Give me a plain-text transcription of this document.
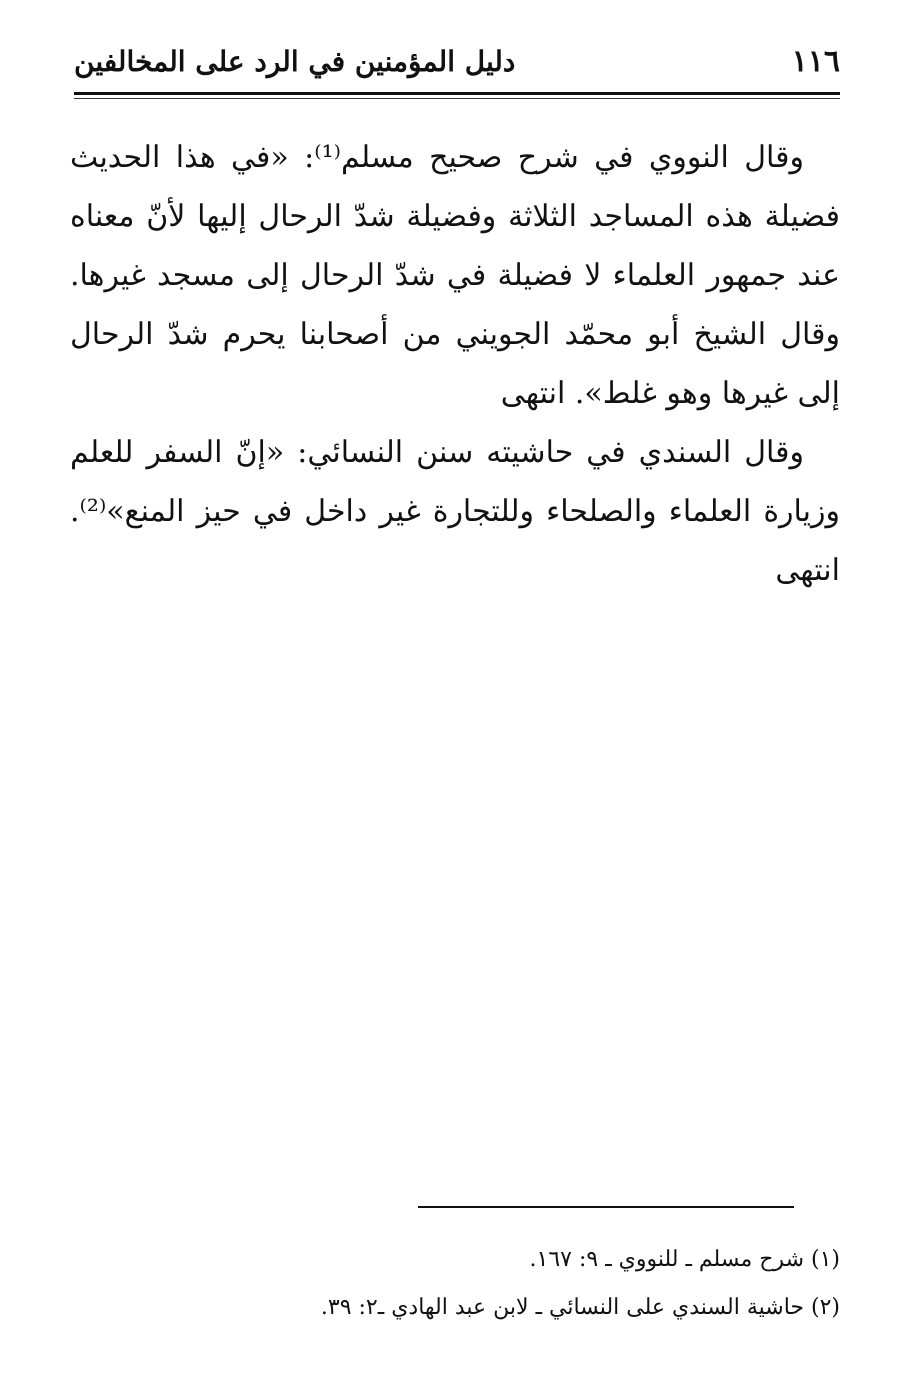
١١٦
دليل المؤمنين في الرد على المخالفين

وقال النووي في شرح صحيح مسلم⁽¹⁾: «في هذا الحديث فضيلة هذه المساجد الثلاثة وفضيلة شدّ الرحال إليها لأنّ معناه عند جمهور العلماء لا فضيلة في شدّ الرحال إلى مسجد غيرها. وقال الشيخ أبو محمّد الجويني من أصحابنا يحرم شدّ الرحال إلى غيرها وهو غلط». انتهى

وقال السندي في حاشيته سنن النسائي: «إنّ السفر للعلم وزيارة العلماء والصلحاء وللتجارة غير داخل في حيز المنع»⁽²⁾. انتهى

(١) شرح مسلم ـ للنووي ـ ٩: ١٦٧.
(٢) حاشية السندي على النسائي ـ لابن عبد الهادي ـ٢: ٣٩.
